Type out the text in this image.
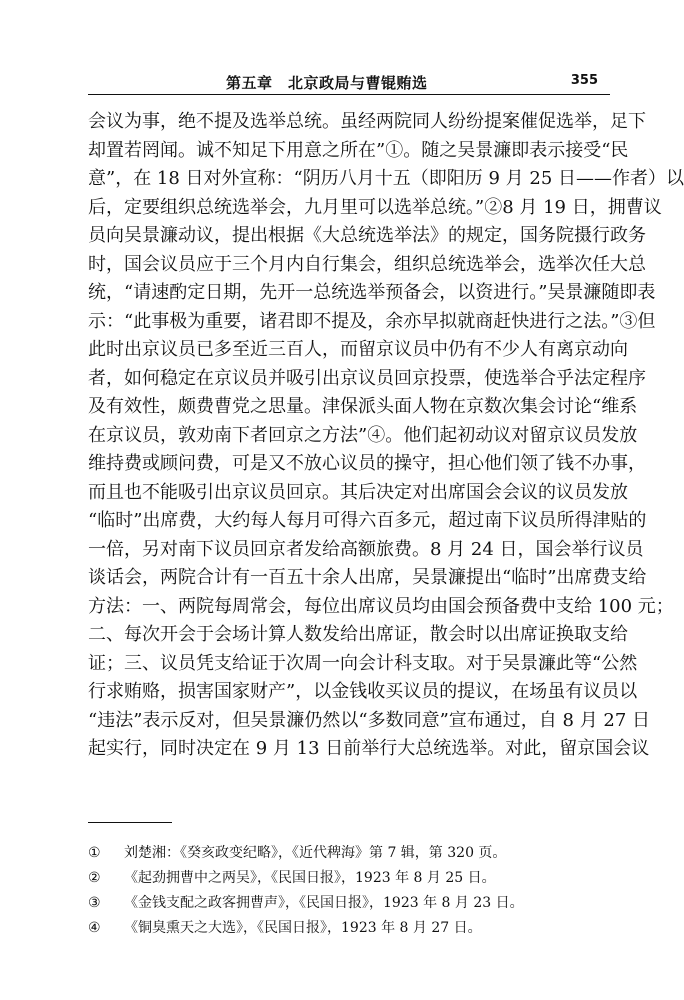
第五章　北京政局与曹锟贿选	355
会议为事，绝不提及选举总统。虽经两院同人纷纷提案催促选举，足下
却置若罔闻。诚不知足下用意之所在”①。随之吴景濂即表示接受“民
意”，在 18 日对外宣称：“阴历八月十五（即阳历 9 月 25 日——作者）以
后，定要组织总统选举会，九月里可以选举总统。”②8 月 19 日，拥曹议
员向吴景濂动议，提出根据《大总统选举法》的规定，国务院摄行政务
时，国会议员应于三个月内自行集会，组织总统选举会，选举次任大总
统，“请速酌定日期，先开一总统选举预备会，以资进行。”吴景濂随即表
示：“此事极为重要，诸君即不提及，余亦早拟就商赶快进行之法。”③但
此时出京议员已多至近三百人，而留京议员中仍有不少人有离京动向
者，如何稳定在京议员并吸引出京议员回京投票，使选举合乎法定程序
及有效性，颇费曹党之思量。津保派头面人物在京数次集会讨论“维系
在京议员，敦劝南下者回京之方法”④。他们起初动议对留京议员发放
维持费或顾问费，可是又不放心议员的操守，担心他们领了钱不办事，
而且也不能吸引出京议员回京。其后决定对出席国会会议的议员发放
“临时”出席费，大约每人每月可得六百多元，超过南下议员所得津贴的
一倍，另对南下议员回京者发给高额旅费。8 月 24 日，国会举行议员
谈话会，两院合计有一百五十余人出席，吴景濂提出“临时”出席费支给
方法：一、两院每周常会，每位出席议员均由国会预备费中支给 100 元；
二、每次开会于会场计算人数发给出席证，散会时以出席证换取支给
证；三、议员凭支给证于次周一向会计科支取。对于吴景濂此等“公然
行求贿赂，损害国家财产”，以金钱收买议员的提议，在场虽有议员以
“违法”表示反对，但吴景濂仍然以“多数同意”宣布通过，自 8 月 27 日
起实行，同时决定在 9 月 13 日前举行大总统选举。对此，留京国会议
①	刘楚湘：《癸亥政变纪略》，《近代稗海》第 7 辑，第 320 页。
②	《起劲拥曹中之两吴》，《民国日报》，1923 年 8 月 25 日。
③	《金钱支配之政客拥曹声》，《民国日报》，1923 年 8 月 23 日。
④	《铜臭熏天之大选》，《民国日报》，1923 年 8 月 27 日。
